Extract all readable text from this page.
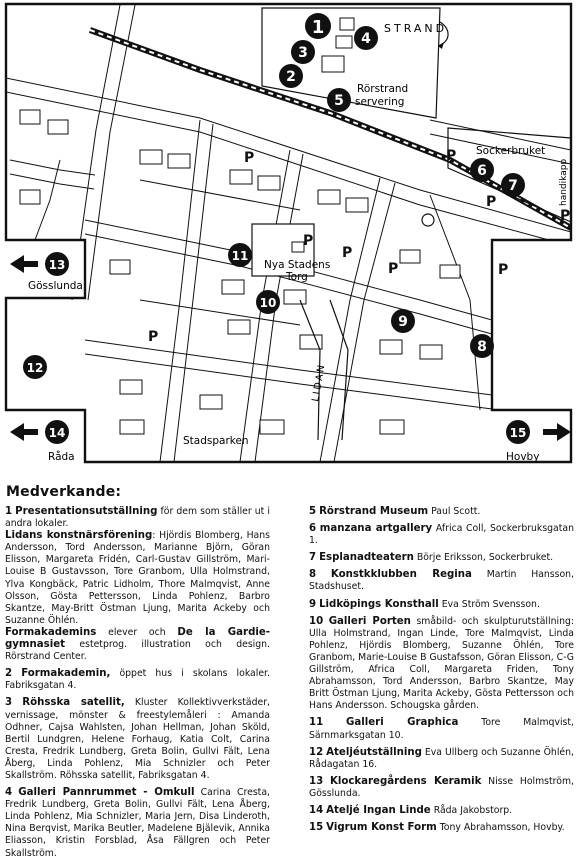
STRAND
Rörstrand
servering
Sockerbruket
handikapp
Nya Stadens
Torg
LIDAN
Stadsparken
Gösslunda
Råda	Hovby
P	P
P
P
P
P
P	P
P
1
2
3
4
5
6
7
8
9
10
11
12
13
14	15
Medverkande:

1 Presentationsutställning för dem som ställer ut i andra lokaler.

Lidans konstnärsförening: Hjördis Blomberg, Hans Andersson, Tord Andersson, Marianne Björn, Göran Elisson, Margareta Fridén, Carl-Gustav Gillström, Mari-Louise B Gustavsson, Tore Granbom, Ulla Holmstrand, Ylva Kongbäck, Patric Lidholm, Thore Malmqvist, Anne Olsson, Gösta Pettersson, Linda Pohlenz, Barbro Skantze, May-Britt Östman Ljung, Marita Ackeby och Suzanne Öhlén.

Formakademins elever och De la Gardie-gymnasiet estetprog. illustration och design. Rörstrand Center.

2 Formakademin, öppet hus i skolans lokaler. Fabriksgatan 4.

3 Röhsska satellit, Kluster Kollektivverkstäder, vernissage, mönster & freestylemåleri : Amanda Odhner, Cajsa Wahlsten, Johan Hellman, Johan Sköld, Bertil Lundgren, Helene Forhaug, Katia Colt, Carina Cresta, Fredrik Lundberg, Greta Bolin, Gullvi Fält, Lena Åberg, Linda Pohlenz, Mia Schnizler och Peter Skallström. Röhsska satellit, Fabriksgatan 4.

4 Galleri Pannrummet - Omkull Carina Cresta, Fredrik Lundberg, Greta Bolin, Gullvi Fält, Lena Åberg, Linda Pohlenz, Mia Schnizler, Maria Jern, Disa Linderoth, Nina Berqvist, Marika Beutler, Madelene Bjälevik, Annika Eliasson, Kristin Forsblad, Åsa Fällgren och Peter Skallström.

5 Rörstrand Museum Paul Scott.

6 manzana artgallery Africa Coll, Sockerbruksgatan 1.

7 Esplanadteatern Börje Eriksson, Sockerbruket.

8 Konstkklubben Regina Martin Hansson, Stadshuset.

9 Lidköpings Konsthall Eva Ström Svensson.

10 Galleri Porten småbild- och skulpturutställning: Ulla Holmstrand, Ingan Linde, Tore Malmqvist, Linda Pohlenz, Hjördis Blomberg, Suzanne Öhlén, Tore Granbom, Marie-Louise B Gustafsson, Göran Elisson, C-G Gillström, Africa Coll, Margareta Friden, Tony Abrahamsson, Tord Andersson, Barbro Skantze, May Britt Östman Ljung, Marita Ackeby, Gösta Pettersson och Hans Andersson. Schougska gården.

11 Galleri Graphica Tore Malmqvist, Särnmarksgatan 10.

12 Ateljéutställning Eva Ullberg och Suzanne Öhlén, Rådagatan 16.

13 Klockaregårdens Keramik Nisse Holmström, Gösslunda.

14 Ateljé Ingan Linde Råda Jakobstorp.

15 Vigrum Konst Form Tony Abrahamsson, Hovby.
